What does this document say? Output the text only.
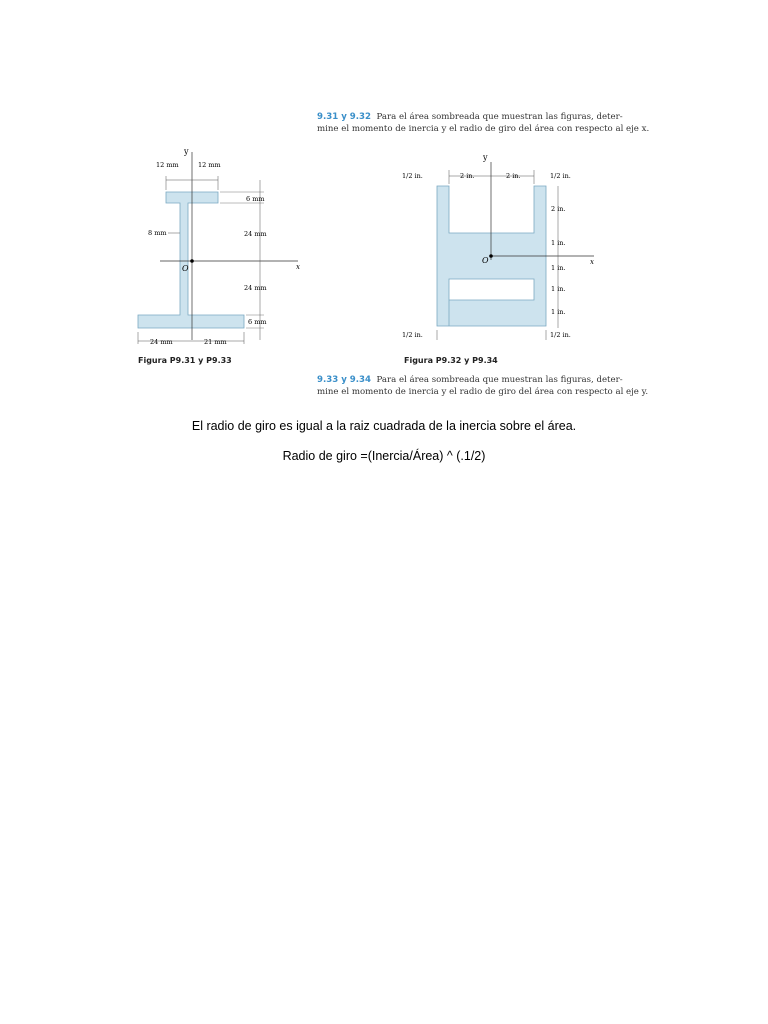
9.31 y 9.32 Para el área sombreada que muestran las figuras, deter-
mine el momento de inercia y el radio de giro del área con respecto al eje x.
y
x
O
12 mm	12 mm
6 mm
24 mm
24 mm
6 mm
8 mm
24 mm	21 mm
Figura P9.31 y P9.33
y
x
O
1/2 in.	2 in.	2 in.	1/2 in.
2 in.
1 in.
1 in.
1 in.
1 in.
1/2 in.	1/2 in.
Figura P9.32 y P9.34
9.33 y 9.34 Para el área sombreada que muestran las figuras, deter-
mine el momento de inercia y el radio de giro del área con respecto al eje y.
El radio de giro es igual a la raiz cuadrada de la inercia sobre el área.
Radio de giro =(Inercia/Área) ^ (.1/2)
